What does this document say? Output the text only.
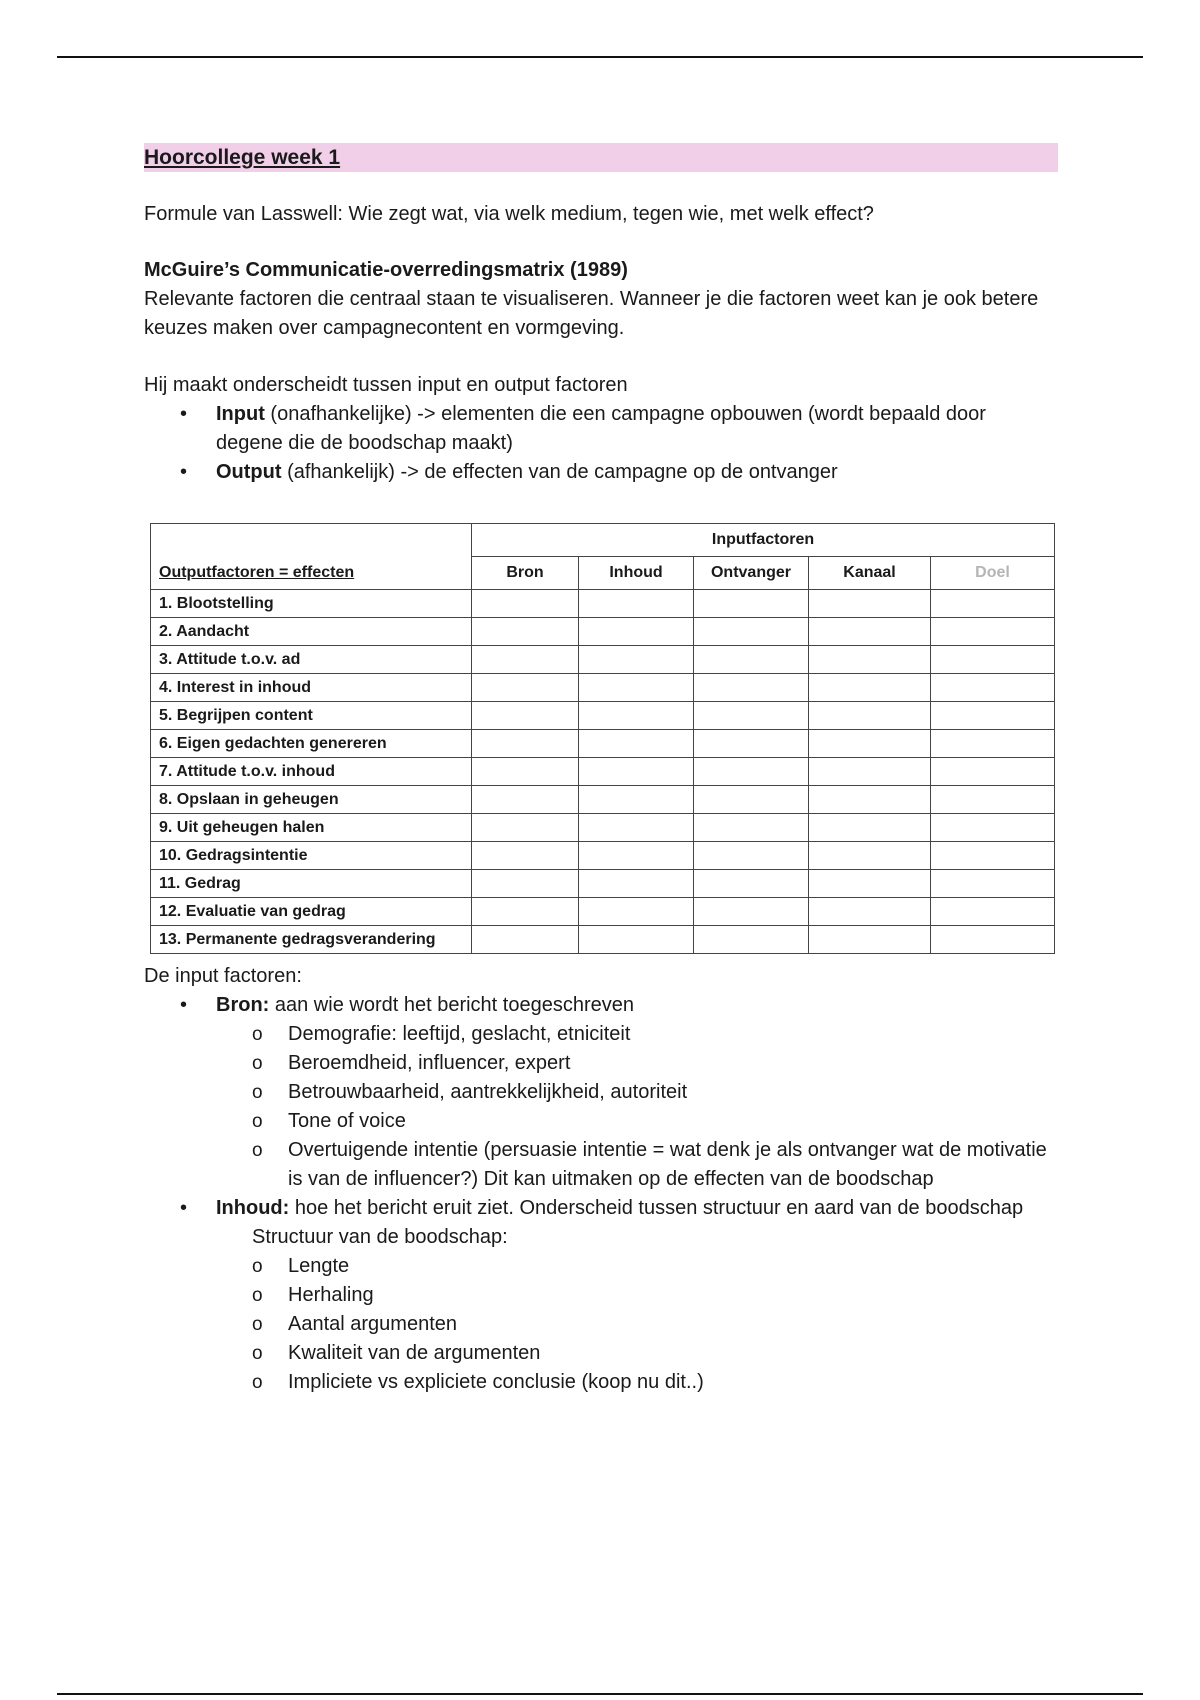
Hoorcollege week 1

Formule van Lasswell: Wie zegt wat, via welk medium, tegen wie, met welk effect?

McGuire’s Communicatie-overredingsmatrix (1989)

Relevante factoren die centraal staan te visualiseren. Wanneer je die factoren weet kan je ook betere keuzes maken over campagnecontent en vormgeving.

Hij maakt onderscheidt tussen input en output factoren

• Input (onafhankelijke) -> elementen die een campagne opbouwen (wordt bepaald door degene die de boodschap maakt)
• Output (afhankelijk) -> de effecten van de campagne op de ontvanger
	Inputfactoren				
Outputfactoren = effecten	Bron	Inhoud	Ontvanger	Kanaal	Doel
1. Blootstelling					
2. Aandacht					
3. Attitude t.o.v. ad					
4. Interest in inhoud					
5. Begrijpen content					
6. Eigen gedachten genereren					
7. Attitude t.o.v. inhoud					
8. Opslaan in geheugen					
9. Uit geheugen halen					
10. Gedragsintentie					
11. Gedrag					
12. Evaluatie van gedrag					
13. Permanente gedragsverandering					

De input factoren:

• Bron: aan wie wordt het bericht toegeschreven
o Demografie: leeftijd, geslacht, etniciteit
o Beroemdheid, influencer, expert
o Betrouwbaarheid, aantrekkelijkheid, autoriteit
o Tone of voice
o Overtuigende intentie (persuasie intentie = wat denk je als ontvanger wat de motivatie is van de influencer?) Dit kan uitmaken op de effecten van de boodschap
• Inhoud: hoe het bericht eruit ziet. Onderscheid tussen structuur en aard van de boodschap
Structuur van de boodschap:
o Lengte
o Herhaling
o Aantal argumenten
o Kwaliteit van de argumenten
o Impliciete vs expliciete conclusie (koop nu dit..)
